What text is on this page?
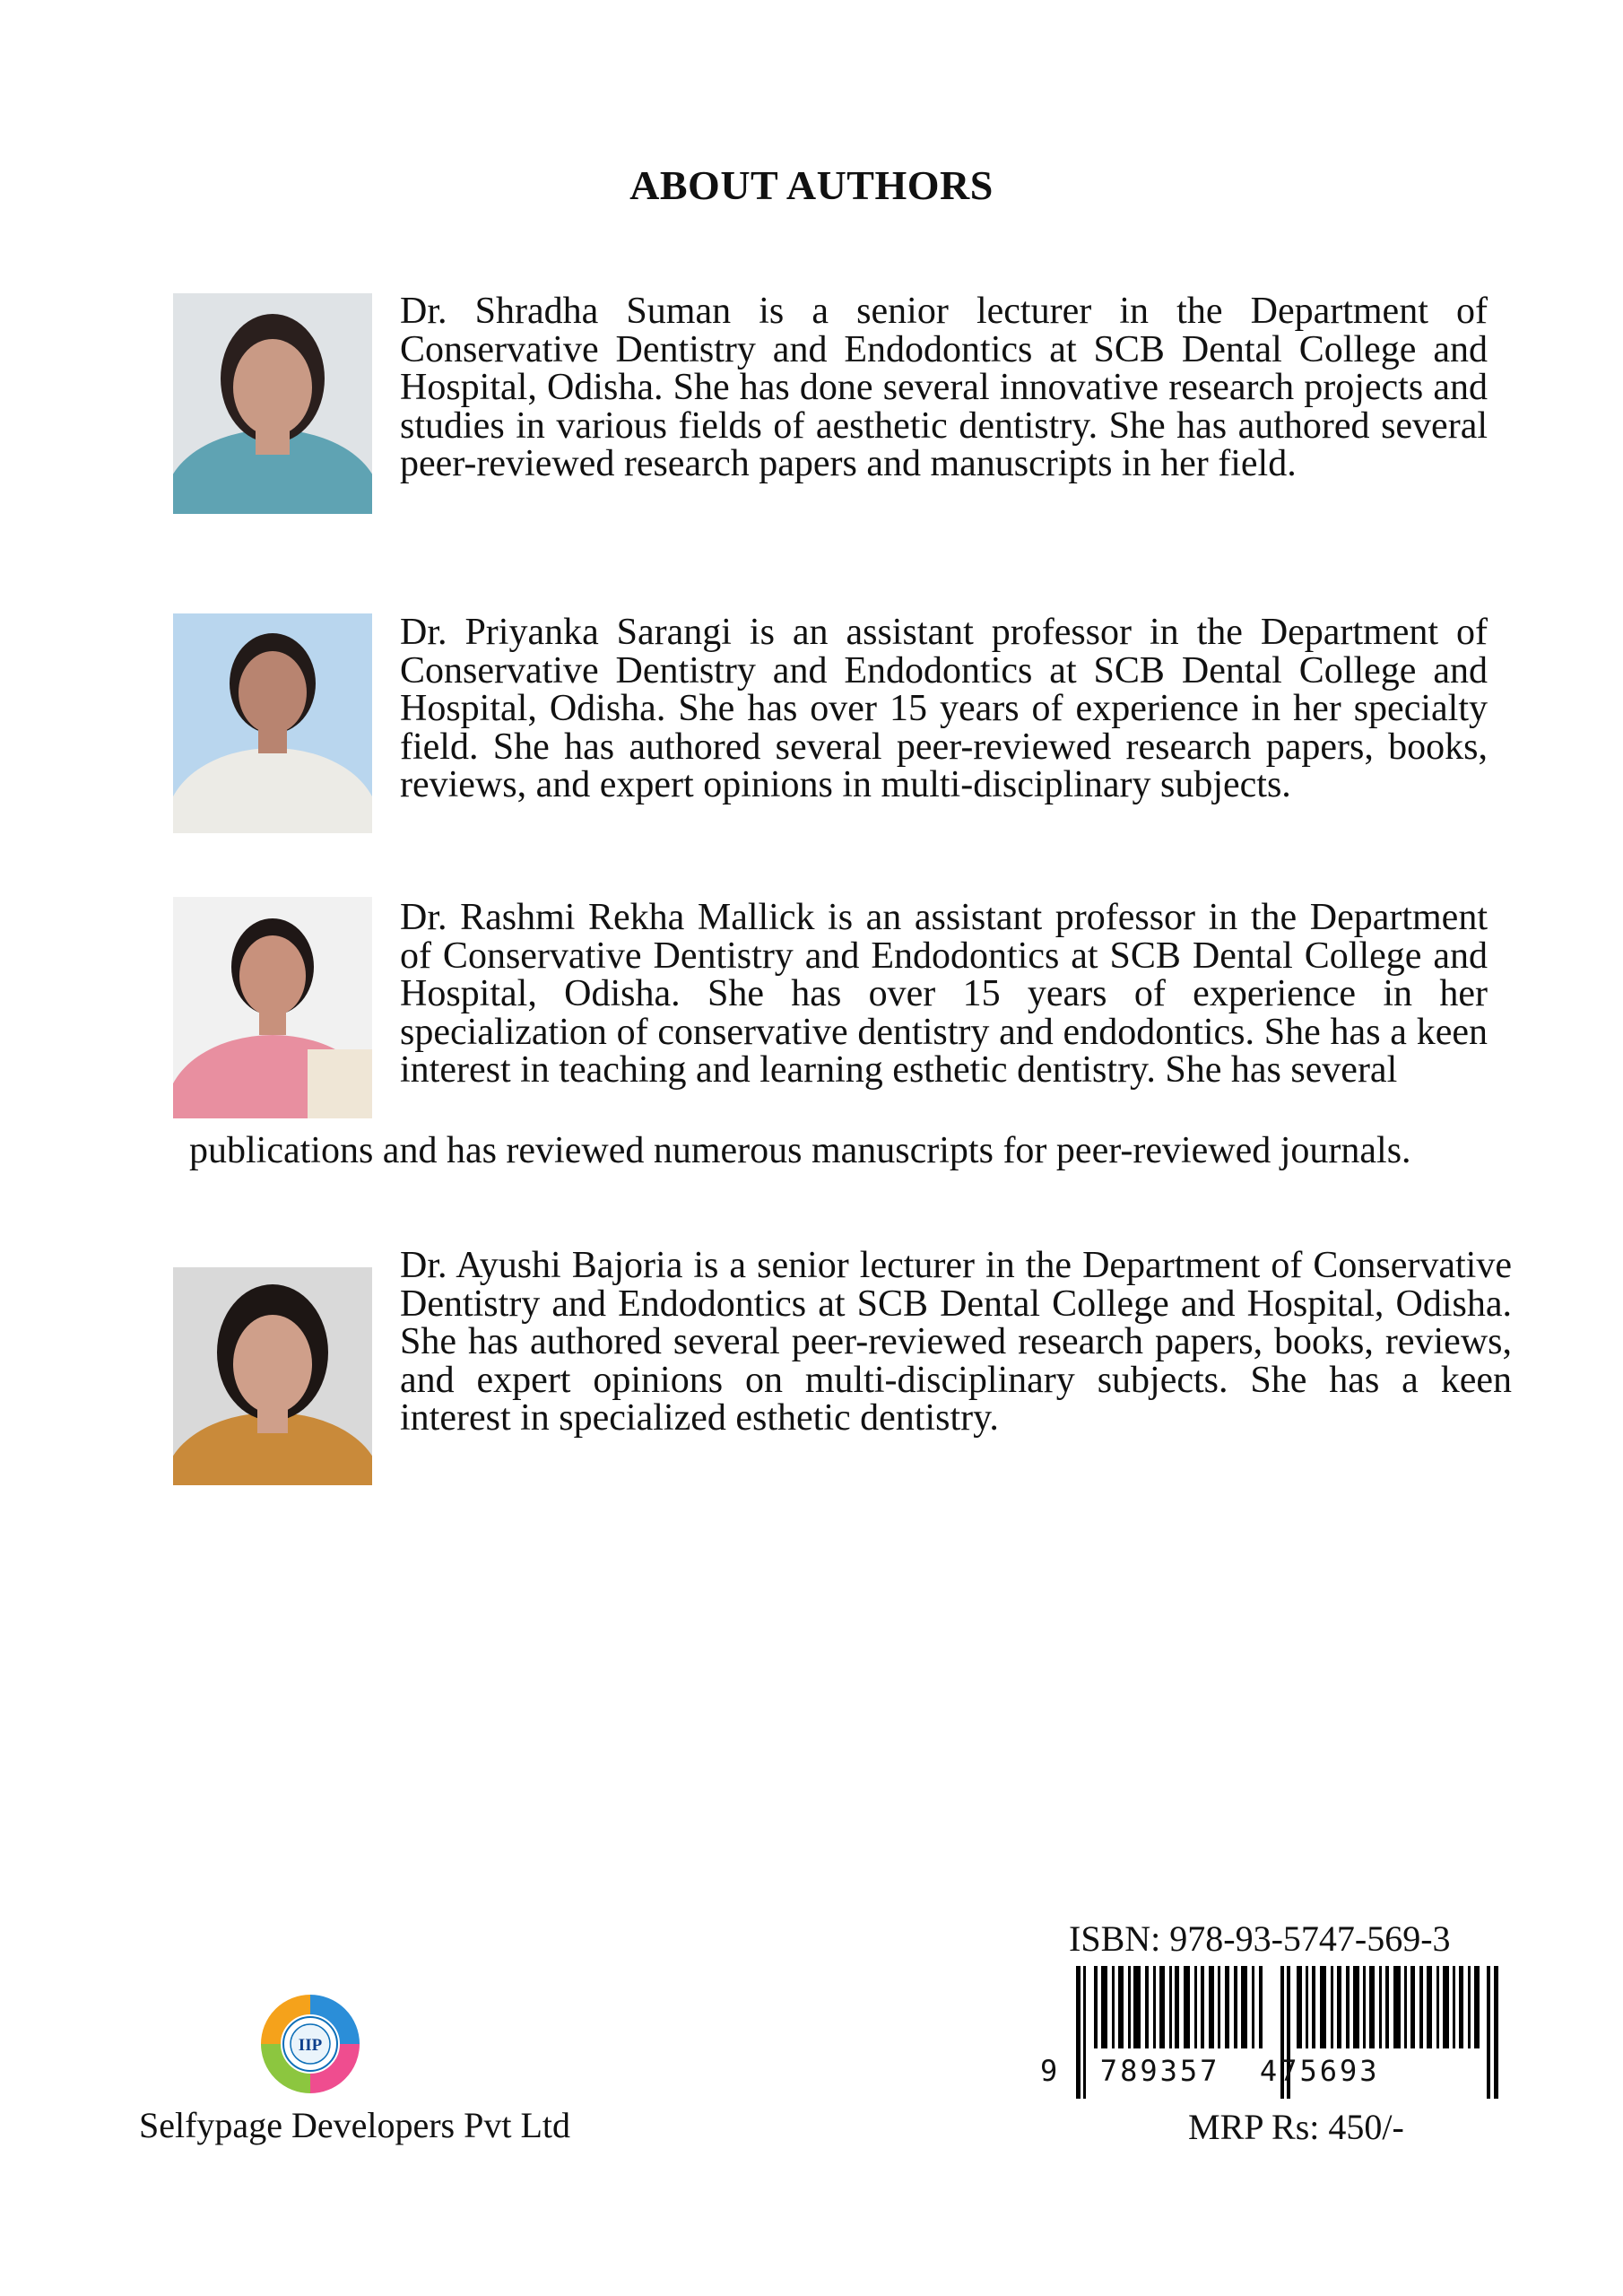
ABOUT AUTHORS

Dr. Shradha Suman is a senior lecturer in the Department of Conservative Dentistry and Endodontics at SCB Dental College and Hospital, Odisha. She has done several innovative research projects and studies in various fields of aesthetic dentistry. She has authored several peer-reviewed research papers and manuscripts in her field.

Dr. Priyanka Sarangi is an assistant professor in the Department of Conservative Dentistry and Endodontics at SCB Dental College and Hospital, Odisha. She has over 15 years of experience in her specialty field. She has authored several peer-reviewed research papers, books, reviews, and expert opinions in multi-disciplinary subjects.

Dr. Rashmi Rekha Mallick is an assistant professor in the Department of Conservative Dentistry and Endodontics at SCB Dental College and Hospital, Odisha. She has over 15 years of experience in her specialization of conservative dentistry and endodontics. She has a keen interest in teaching and learning esthetic dentistry. She has several

publications and has reviewed numerous manuscripts for peer-reviewed journals.

Dr. Ayushi Bajoria is a senior lecturer in the Department of Conservative Dentistry and Endodontics at SCB Dental College and Hospital, Odisha. She has authored several peer-reviewed research papers, books, reviews, and expert opinions on multi-disciplinary subjects. She has a keen interest in specialized esthetic dentistry.

ISBN: 978-93-5747-569-3
9  789357  475693
MRP Rs: 450/-
IIP
Selfypage Developers Pvt Ltd
